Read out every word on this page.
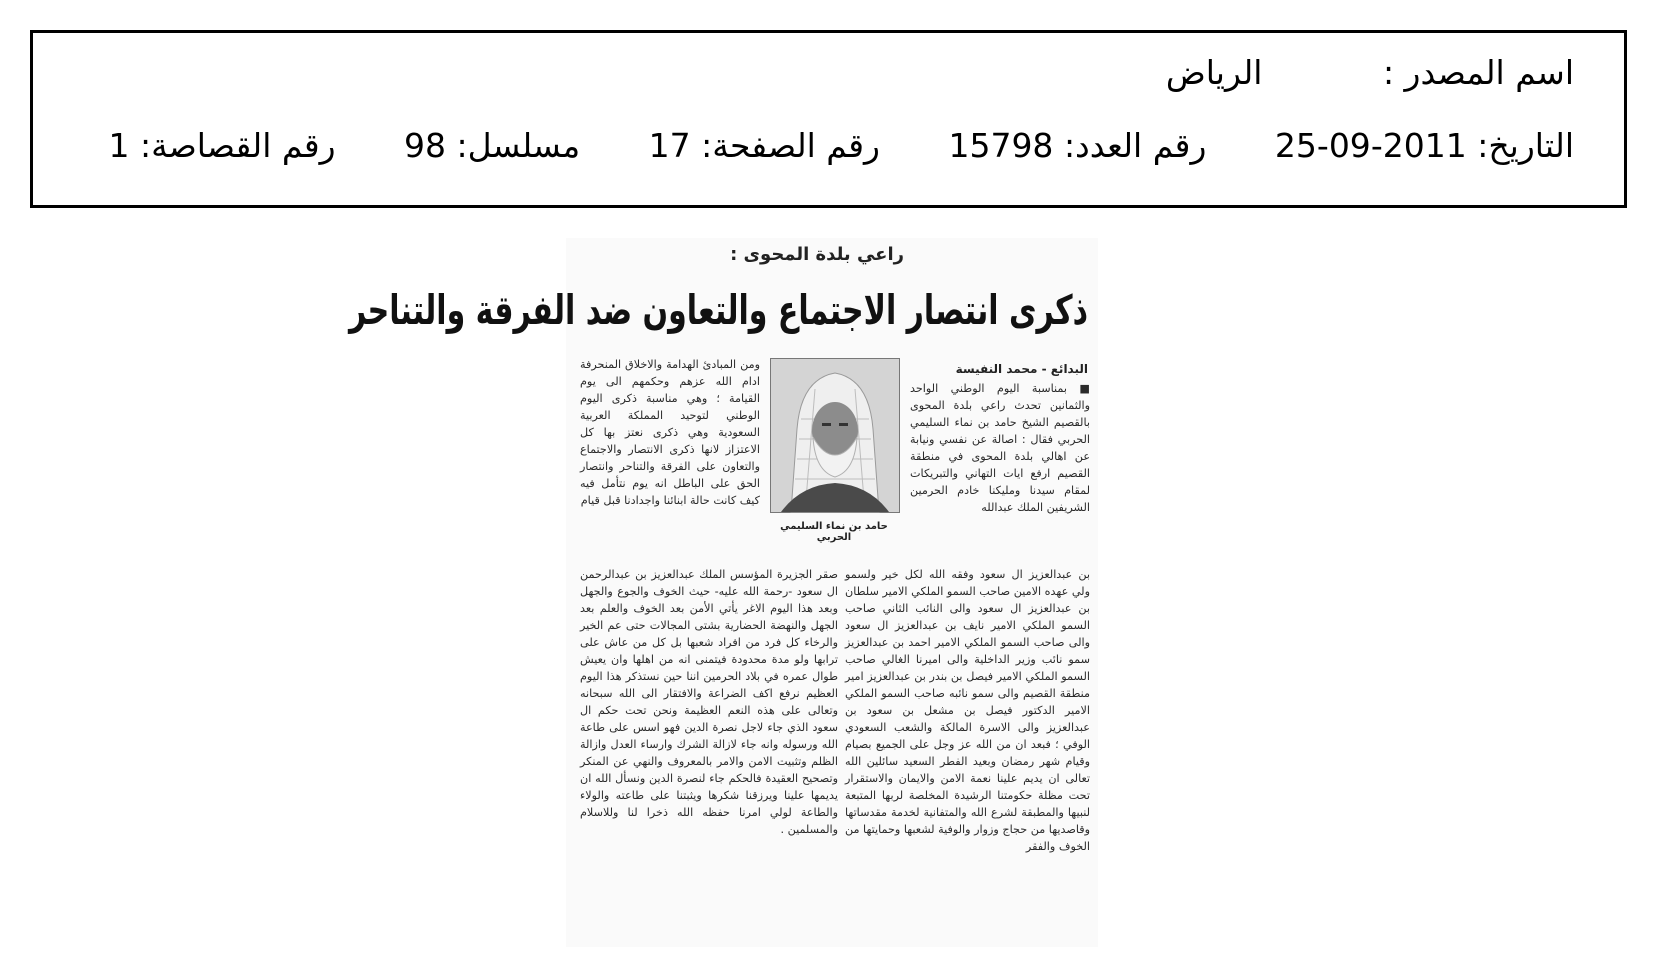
اسم المصدر : الرياض
التاريخ: 2011-09-25 رقم العدد: 15798 رقم الصفحة: 17 مسلسل: 98 رقم القصاصة: 1
راعي بلدة المحوى :
ذكرى انتصار الاجتماع والتعاون ضد الفرقة والتناحر
البدائع - محمد النفيسة
■ بمناسبة اليوم الوطني الواحد والثمانين تحدث راعي بلدة المحوى بالقصيم الشيخ حامد بن نماء السليمي الحربي فقال : اصالة عن نفسي ونيابة عن اهالي بلدة المحوى في منطقة القصيم ارفع ايات التهاني والتبريكات لمقام سيدنا ومليكنا خادم الحرمين الشريفين الملك عبدالله
ومن المبادئ الهدامة والاخلاق المنحرفة ادام الله عزهم وحكمهم الى يوم القيامة ؛ وهي مناسبة ذكرى اليوم الوطني لتوحيد المملكة العربية السعودية وهي ذكرى نعتز بها كل الاعتزاز لانها ذكرى الانتصار والاجتماع والتعاون على الفرقة والتناحر وانتصار الحق على الباطل انه يوم نتأمل فيه كيف كانت حالة ابنائنا واجدادنا قبل قيام
حامد بن نماء السليمي الحربي
بن عبدالعزيز ال سعود وفقه الله لكل خير ولسمو ولي عهده الامين صاحب السمو الملكي الامير سلطان بن عبدالعزيز ال سعود والى النائب الثاني صاحب السمو الملكي الامير نايف بن عبدالعزيز ال سعود والى صاحب السمو الملكي الامير احمد بن عبدالعزيز سمو نائب وزير الداخلية والى اميرنا الغالي صاحب السمو الملكي الامير فيصل بن بندر بن عبدالعزيز امير منطقة القصيم والى سمو نائبه صاحب السمو الملكي الامير الدكتور فيصل بن مشعل بن سعود بن عبدالعزيز والى الاسرة المالكة والشعب السعودي الوفي ؛ فبعد ان من الله عز وجل على الجميع بصيام وقيام شهر رمضان وبعيد الفطر السعيد سائلين الله تعالى ان يديم علينا نعمة الامن والايمان والاستقرار تحت مظلة حكومتنا الرشيدة المخلصة لربها المتبعة لنبيها والمطبقة لشرع الله والمتفانية لخدمة مقدساتها وقاصديها من حجاج وزوار والوفية لشعبها وحمايتها من الخوف والفقر
صقر الجزيرة المؤسس الملك عبدالعزيز بن عبدالرحمن ال سعود -رحمة الله عليه- حيث الخوف والجوع والجهل وبعد هذا اليوم الاغر يأتي الأمن بعد الخوف والعلم بعد الجهل والنهضة الحضارية بشتى المجالات حتى عم الخير والرخاء كل فرد من افراد شعبها بل كل من عاش على ترابها ولو مدة محدودة فيتمنى انه من اهلها وان يعيش طوال عمره في بلاد الحرمين اننا حين نستذكر هذا اليوم العظيم نرفع اكف الضراعة والافتقار الى الله سبحانه وتعالى على هذه النعم العظيمة ونحن تحت حكم ال سعود الذي جاء لاجل نصرة الدين فهو اسس على طاعة الله ورسوله وانه جاء لازالة الشرك وارساء العدل وازالة الظلم وتثبيت الامن والامر بالمعروف والنهي عن المنكر وتصحيح العقيدة فالحكم جاء لنصرة الدين ونسأل الله ان يديمها علينا ويرزقنا شكرها ويثبتنا على طاعته والولاء والطاعة لولي امرنا حفظه الله ذخرا لنا وللاسلام والمسلمين .
